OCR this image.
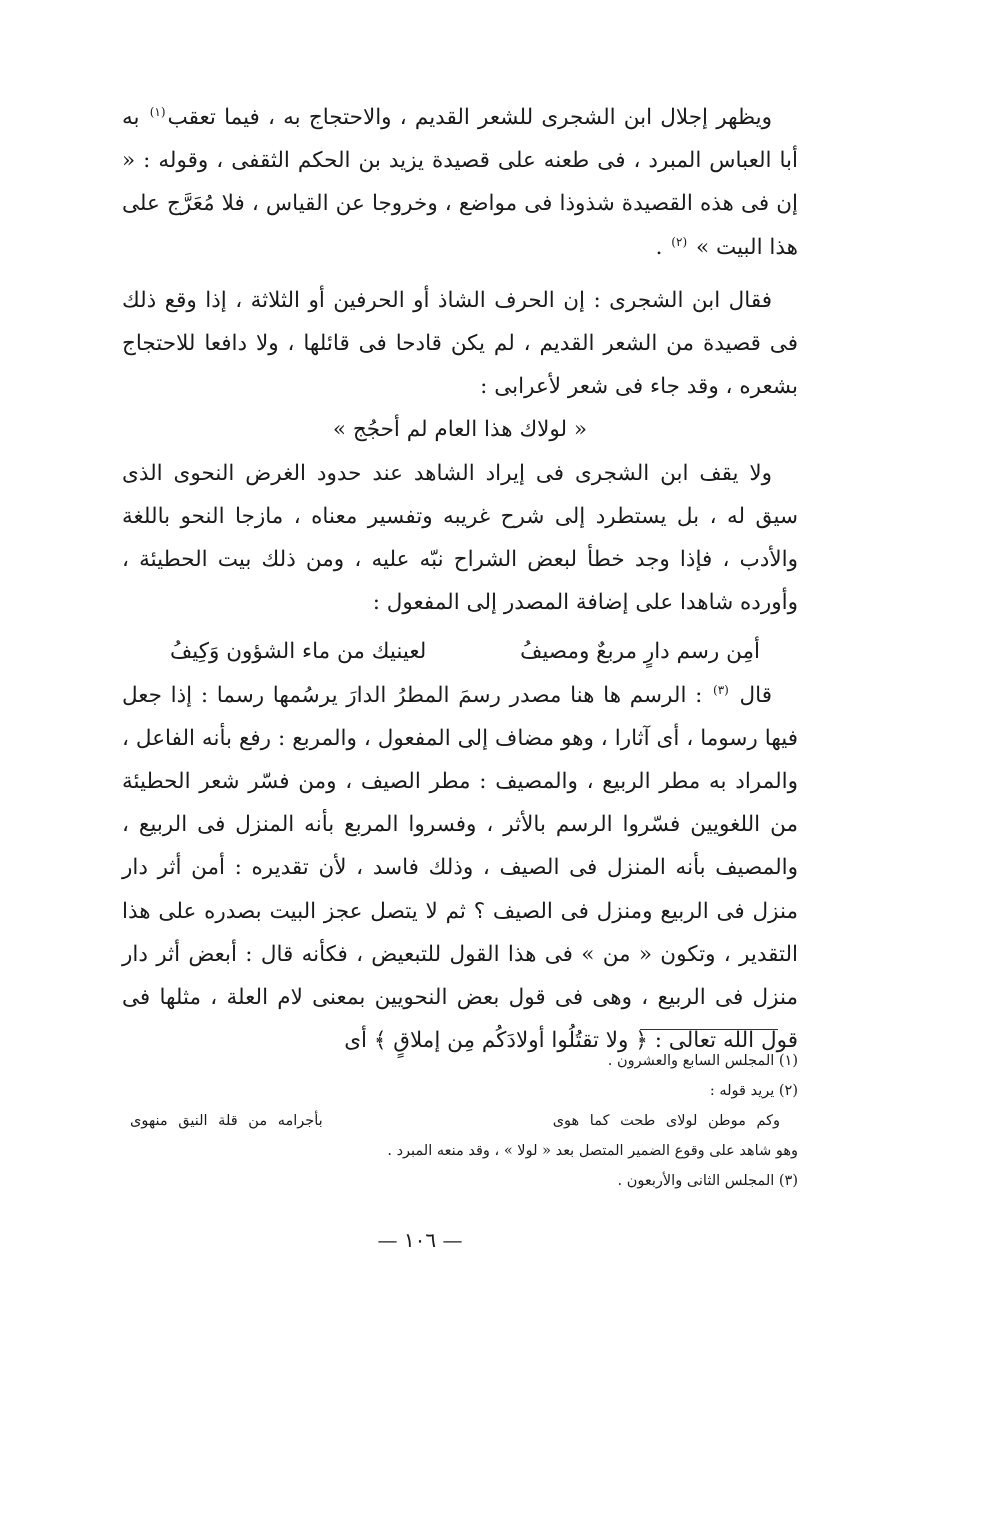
ويظهر إجلال ابن الشجرى للشعر القديم ، والاحتجاج به ، فيما تعقب$^{(١)}$ به أبا العباس المبرد ، فى طعنه على قصيدة يزيد بن الحكم الثقفى ، وقوله : « إن فى هذه القصيدة شذوذا فى مواضع ، وخروجا عن القياس ، فلا مُعَرَّج على هذا البيت » $^{(٢)}$ .

فقال ابن الشجرى : إن الحرف الشاذ أو الحرفين أو الثلاثة ، إذا وقع ذلك فى قصيدة من الشعر القديم ، لم يكن قادحا فى قائلها ، ولا دافعا للاحتجاج بشعره ، وقد جاء فى شعر لأعرابى :

« لولاك هذا العام لم أحجُج »

ولا يقف ابن الشجرى فى إيراد الشاهد عند حدود الغرض النحوى الذى سيق له ، بل يستطرد إلى شرح غريبه وتفسير معناه ، مازجا النحو باللغة والأدب ، فإذا وجد خطأ لبعض الشراح نبّه عليه ، ومن ذلك بيت الحطيئة ، وأورده شاهدا على إضافة المصدر إلى المفعول :

أمِن رسم دارٍ مربعٌ ومصيفُ
لعينيك من ماء الشؤون وَكِيفُ

قال $^{(٣)}$ : الرسم ها هنا مصدر رسمَ المطرُ الدارَ يرسُمها رسما : إذا جعل فيها رسوما ، أى آثارا ، وهو مضاف إلى المفعول ، والمربع : رفع بأنه الفاعل ، والمراد به مطر الربيع ، والمصيف : مطر الصيف ، ومن فسّر شعر الحطيئة من اللغويين فسّروا الرسم بالأثر ، وفسروا المربع بأنه المنزل فى الربيع ، والمصيف بأنه المنزل فى الصيف ، وذلك فاسد ، لأن تقديره : أمن أثر دار منزل فى الربيع ومنزل فى الصيف ؟ ثم لا يتصل عجز البيت بصدره على هذا التقدير ، وتكون « من » فى هذا القول للتبعيض ، فكأنه قال : أبعض أثر دار منزل فى الربيع ، وهى فى قول بعض النحويين بمعنى لام العلة ، مثلها فى قول الله تعالى : ﴿ ولا تقتُلُوا أولادَكُم مِن إملاقٍ ﴾ أى

(١) المجلس السابع والعشرون .

(٢) يريد قوله :

وكم موطن لولاى طحت كما هوى
بأجرامه من قلة النيق منهوى

وهو شاهد على وقوع الضمير المتصل بعد « لولا » ، وقد منعه المبرد .

(٣) المجلس الثانى والأربعون .

— ١٠٦ —
